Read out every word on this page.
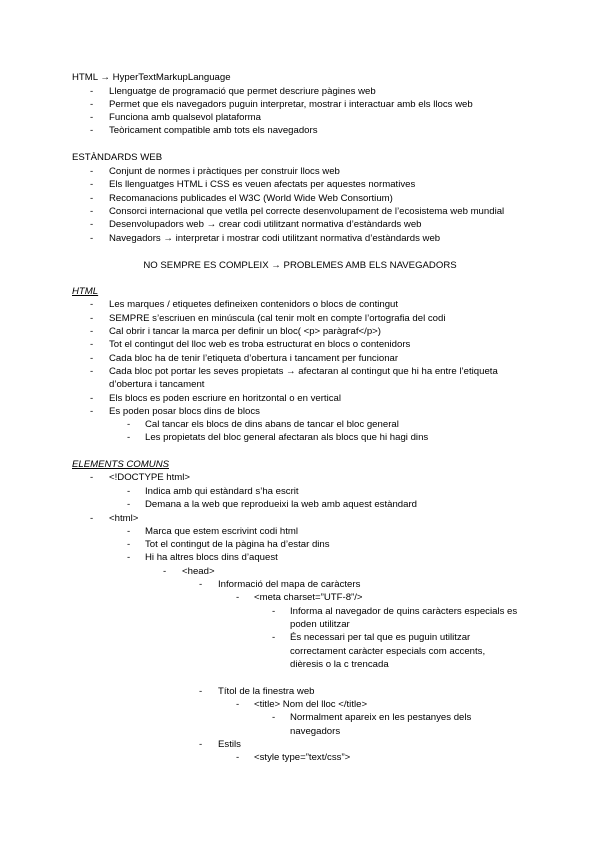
HTML → HyperTextMarkupLanguage
- Llenguatge de programació que permet descriure pàgines web
- Permet que els navegadors puguin interpretar, mostrar i interactuar amb els llocs web
- Funciona amb qualsevol plataforma
- Teòricament compatible amb tots els navegadors
ESTÀNDARDS WEB
- Conjunt de normes i pràctiques per construir llocs web
- Els llenguatges HTML i CSS es veuen afectats per aquestes normatives
- Recomanacions publicades el W3C (World Wide Web Consortium)
- Consorci internacional que vetlla pel correcte desenvolupament de l’ecosistema web mundial
- Desenvolupadors web → crear codi utilitzant normativa d’estàndards web
- Navegadors → interpretar i mostrar codi utilitzant normativa d’estàndards web
NO SEMPRE ES COMPLEIX → PROBLEMES AMB ELS NAVEGADORS
HTML
- Les marques / etiquetes defineixen contenidors o blocs de contingut
- SEMPRE s’escriuen en minúscula (cal tenir molt en compte l’ortografia del codi
- Cal obrir i tancar la marca per definir un bloc( <p> paràgraf</p>)
- Tot el contingut del lloc web es troba estructurat en blocs o contenidors
- Cada bloc ha de tenir l’etiqueta d’obertura i tancament per funcionar
- Cada bloc pot portar les seves propietats → afectaran al contingut que hi ha entre l’etiqueta
d’obertura i tancament
- Els blocs es poden escriure en horitzontal o en vertical
- Es poden posar blocs dins de blocs
- Cal tancar els blocs de dins abans de tancar el bloc general
- Les propietats del bloc general afectaran als blocs que hi hagi dins
ELEMENTS COMUNS
- <!DOCTYPE html>
- Indica amb qui estàndard s’ha escrit
- Demana a la web que reprodueixi la web amb aquest estàndard
- <html>
- Marca que estem escrivint codi html
- Tot el contingut de la pàgina ha d’estar dins
- Hi ha altres blocs dins d’aquest
- <head>
- Informació del mapa de caràcters
- <meta charset=”UTF-8”/>
- Informa al navegador de quins caràcters especials es
poden utilitzar
- És necessari per tal que es puguin utilitzar
correctament caràcter especials com accents,
dièresis o la c trencada
- Títol de la finestra web
- <title> Nom del lloc </title>
- Normalment apareix en les pestanyes dels
navegadors
- Estils
- <style type=”text/css”>
